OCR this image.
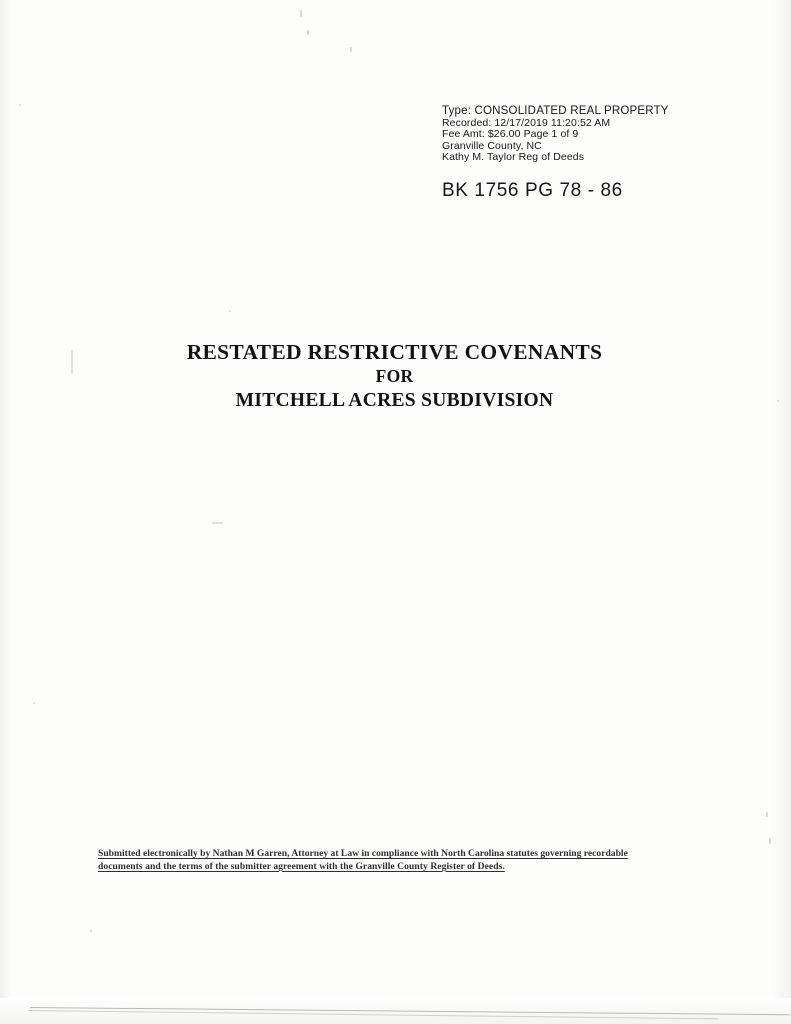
Type: CONSOLIDATED REAL PROPERTY
Recorded: 12/17/2019 11:20:52 AM
Fee Amt: $26.00 Page 1 of 9
Granville County, NC
Kathy M. Taylor Reg of Deeds
BK 1756 PG 78 - 86
RESTATED RESTRICTIVE COVENANTS
FOR
MITCHELL ACRES SUBDIVISION
Submitted electronically by Nathan M Garren, Attorney at Law in compliance with North Carolina statutes governing recordable
documents and the terms of the submitter agreement with the Granville County Register of Deeds.
